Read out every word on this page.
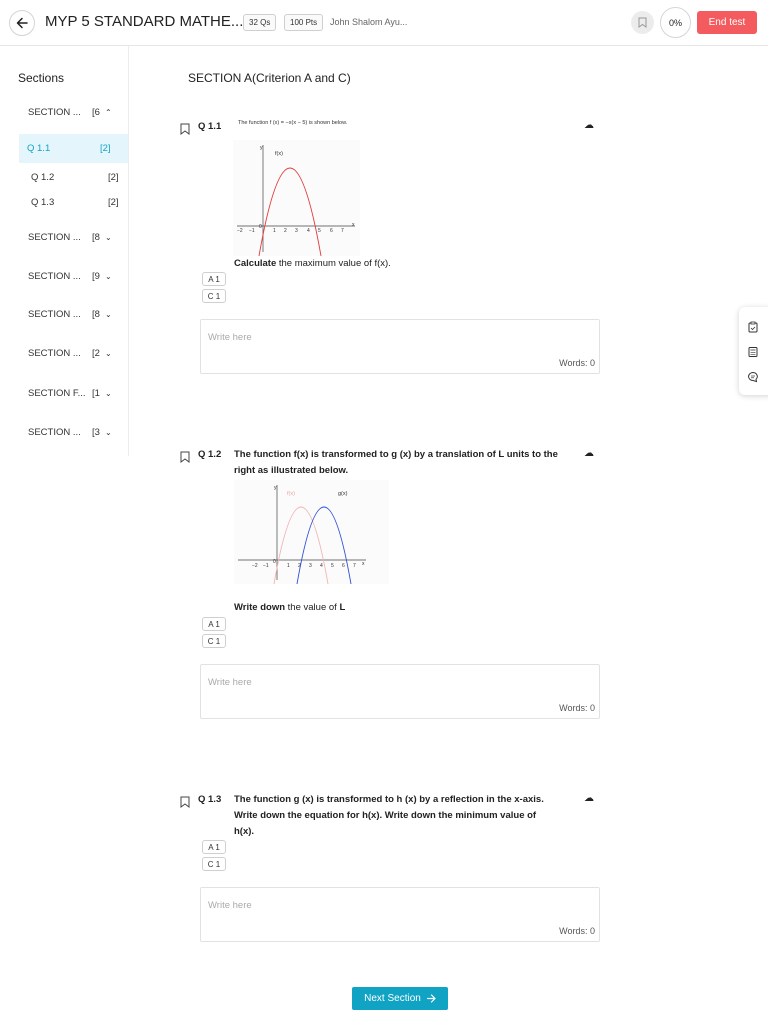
MYP 5 STANDARD MATHE... 32 Qs	100 Pts	John Shalom Ayu...	0%	End test
Sections
SECTION ... [6 ⌃
Q 1.1	[2]
Q 1.2	[2]
Q 1.3	[2]
SECTION ... [8 ⌄
SECTION ... [9 ⌄
SECTION ... [8 ⌄
SECTION ... [2 ⌄
SECTION F... [1 ⌄
SECTION ... [3 ⌄
SECTION A(Criterion A and C)
Q 1.1	☁
The function f (x) = −x(x − 5) is shown below.
y
x
f(x)
−2 −1
0
1 2 3 4 5 6 7
Calculate the maximum value of f(x).
A 1
C 1
Write here
Words: 0
Q 1.2	☁
The function f(x) is transformed to g (x) by a translation of L units to the
right as illustrated below.
y
x
f(x)	g(x)
−2 −1
0
1 2 3 4 5 6 7
Write down the value of L
A 1
C 1
Write here
Words: 0
Q 1.3	☁
The function g (x) is transformed to h (x) by a reflection in the x-axis.
Write down the equation for h(x). Write down the minimum value of
h(x).
A 1
C 1
Write here
Words: 0
Next Section
